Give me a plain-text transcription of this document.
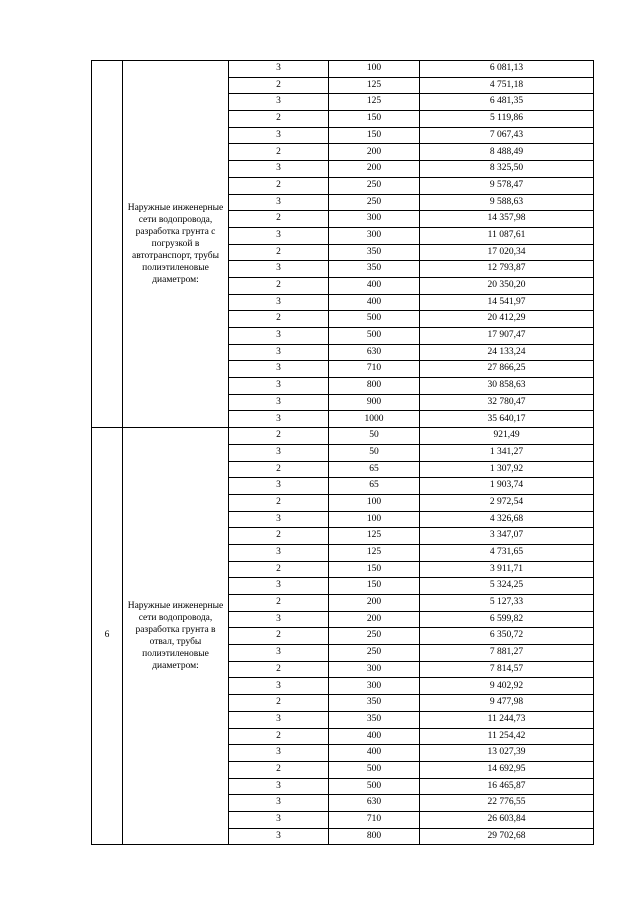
	Наружные инженерные сети водопровода, разработка грунта с погрузкой в автотранспорт, трубы полиэтиленовые диаметром:	3	100	6 081,13
		2	125	4 751,18
		3	125	6 481,35
		2	150	5 119,86
		3	150	7 067,43
		2	200	8 488,49
		3	200	8 325,50
		2	250	9 578,47
		3	250	9 588,63
		2	300	14 357,98
		3	300	11 087,61
		2	350	17 020,34
		3	350	12 793,87
		2	400	20 350,20
		3	400	14 541,97
		2	500	20 412,29
		3	500	17 907,47
		3	630	24 133,24
		3	710	27 866,25
		3	800	30 858,63
		3	900	32 780,47
		3	1000	35 640,17
6	Наружные инженерные сети водопровода, разработка грунта в отвал, трубы полиэтиленовые диаметром:	2	50	921,49
		3	50	1 341,27
		2	65	1 307,92
		3	65	1 903,74
		2	100	2 972,54
		3	100	4 326,68
		2	125	3 347,07
		3	125	4 731,65
		2	150	3 911,71
		3	150	5 324,25
		2	200	5 127,33
		3	200	6 599,82
		2	250	6 350,72
		3	250	7 881,27
		2	300	7 814,57
		3	300	9 402,92
		2	350	9 477,98
		3	350	11 244,73
		2	400	11 254,42
		3	400	13 027,39
		2	500	14 692,95
		3	500	16 465,87
		3	630	22 776,55
		3	710	26 603,84
		3	800	29 702,68
